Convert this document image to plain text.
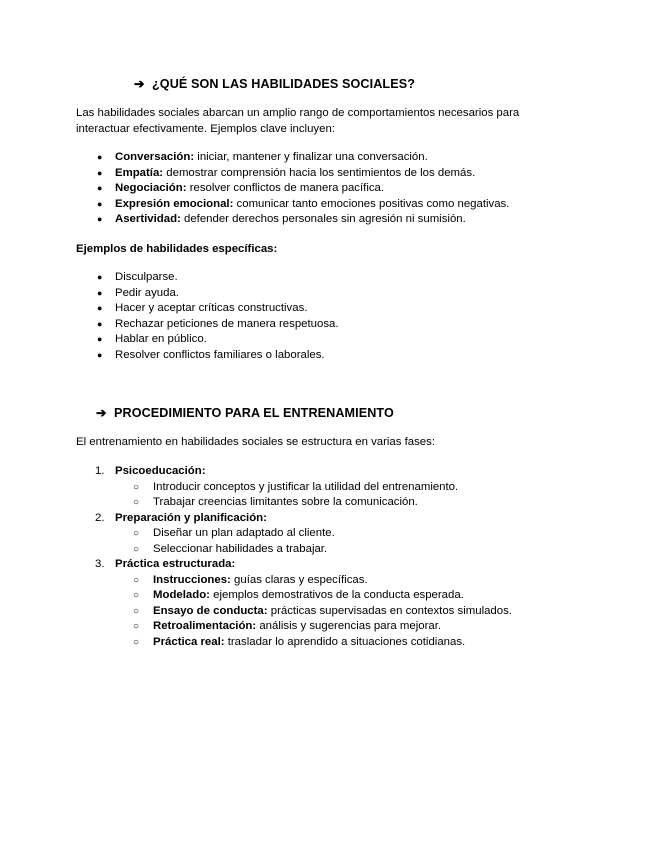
➔ ¿QUÉ SON LAS HABILIDADES SOCIALES?
Las habilidades sociales abarcan un amplio rango de comportamientos necesarios para interactuar efectivamente. Ejemplos clave incluyen:
● Conversación: iniciar, mantener y finalizar una conversación.
● Empatía: demostrar comprensión hacia los sentimientos de los demás.
● Negociación: resolver conflictos de manera pacífica.
● Expresión emocional: comunicar tanto emociones positivas como negativas.
● Asertividad: defender derechos personales sin agresión ni sumisión.
Ejemplos de habilidades específicas:
● Disculparse.
● Pedir ayuda.
● Hacer y aceptar críticas constructivas.
● Rechazar peticiones de manera respetuosa.
● Hablar en público.
● Resolver conflictos familiares o laborales.
➔ PROCEDIMIENTO PARA EL ENTRENAMIENTO
El entrenamiento en habilidades sociales se estructura en varias fases:
1. Psicoeducación:
○ Introducir conceptos y justificar la utilidad del entrenamiento.
○ Trabajar creencias limitantes sobre la comunicación.
2. Preparación y planificación:
○ Diseñar un plan adaptado al cliente.
○ Seleccionar habilidades a trabajar.
3. Práctica estructurada:
○ Instrucciones: guías claras y específicas.
○ Modelado: ejemplos demostrativos de la conducta esperada.
○ Ensayo de conducta: prácticas supervisadas en contextos simulados.
○ Retroalimentación: análisis y sugerencias para mejorar.
○ Práctica real: trasladar lo aprendido a situaciones cotidianas.
